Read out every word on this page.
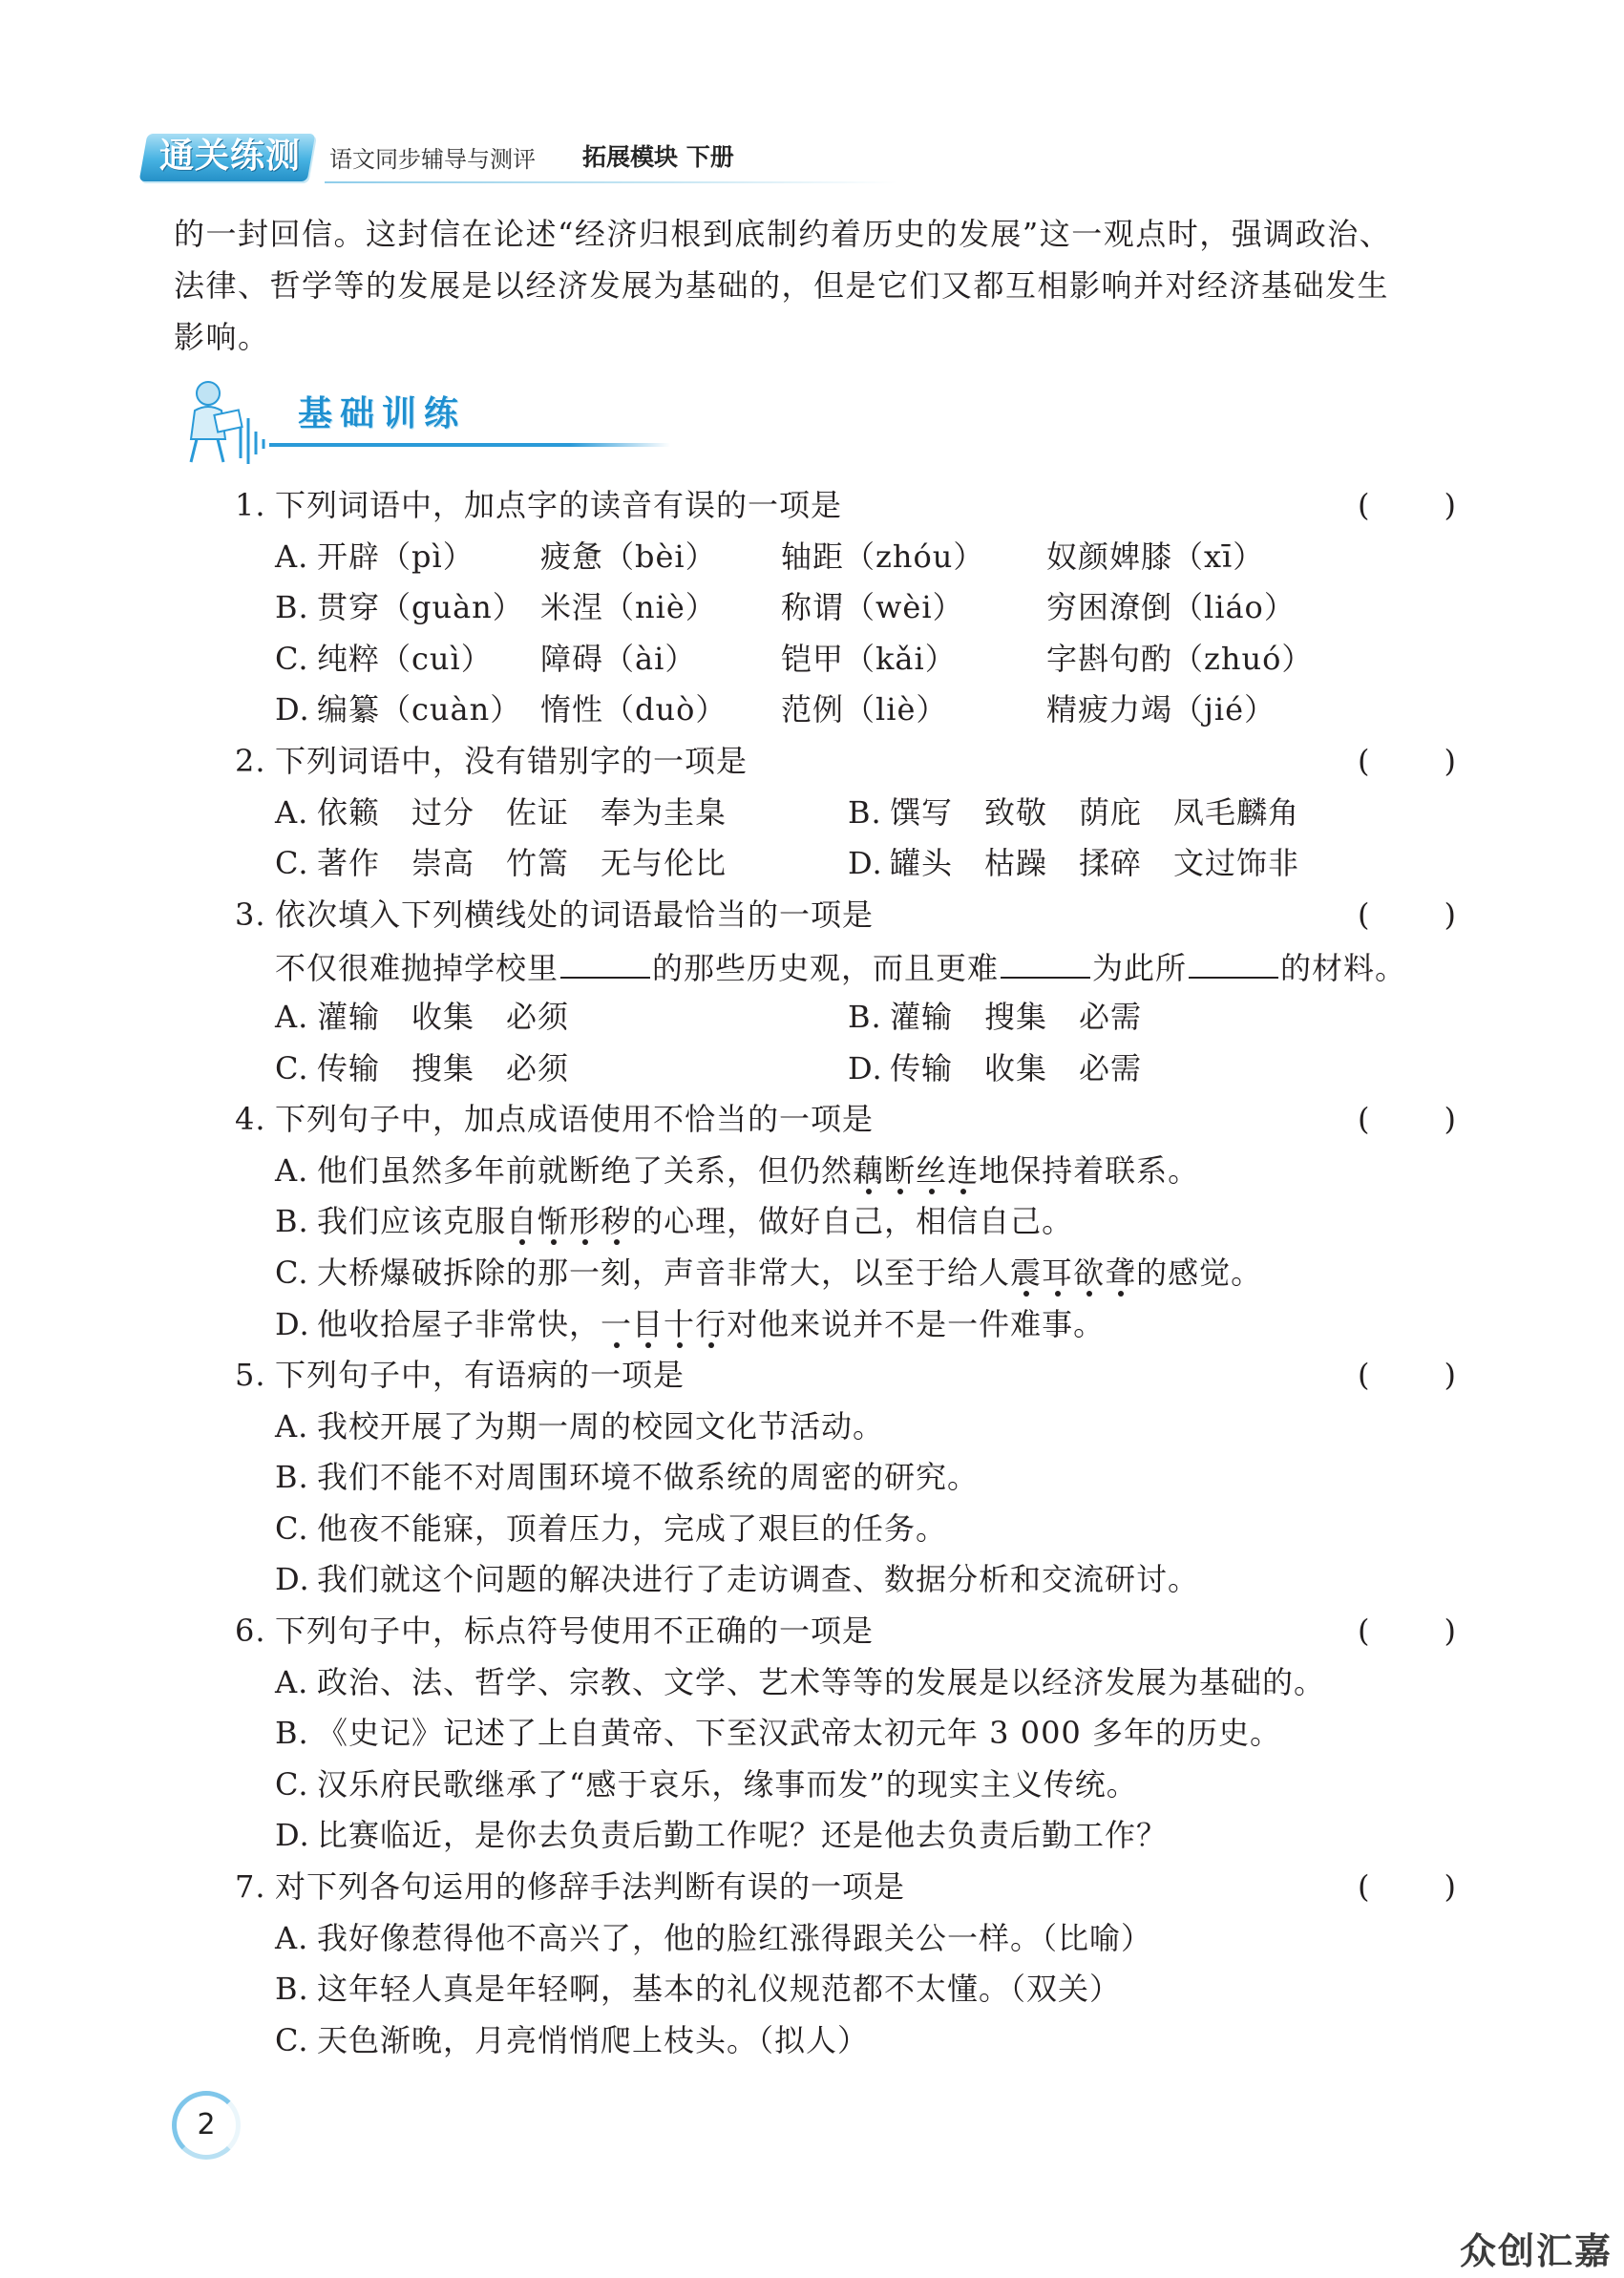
通关练测	语文同步辅导与测评 拓展模块 下册

的一封回信。这封信在论述“经济归根到底制约着历史的发展”这一观点时，强调政治、

法律、哲学等的发展是以经济发展为基础的，但是它们又都互相影响并对经济基础发生

影响。

基础训练
1. 下列词语中，加点字的读音有误的一项是	( )
A. 开辟（pì） 疲惫（bèi） 轴距（zhóu） 奴颜婢膝（xī）
B. 贯穿（guàn） 米涅（niè） 称谓（wèi）	穷困潦倒（liáo）
C. 纯粹（cuì） 障碍（ài）	铠甲（kǎi）	字斟句酌（zhuó）
D. 编纂（cuàn） 惰性（duò） 范例（liè）	精疲力竭（jié）
2. 下列词语中，没有错别字的一项是	( )
A. 依籁　过分　佐证　奉为圭臬	B. 馔写　致敬　荫庇　凤毛麟角
C. 著作　崇高　竹篙　无与伦比	D. 罐头　枯躁　揉碎　文过饰非
3. 依次填入下列横线处的词语最恰当的一项是	( )
不仅很难抛掉学校里	的那些历史观，而且更难	为此所	的材料。
A. 灌输　收集　必须	B. 灌输　搜集　必需
C. 传输　搜集　必须	D. 传输　收集　必需
4. 下列句子中，加点成语使用不恰当的一项是	( )
A. 他们虽然多年前就断绝了关系，但仍然藕断丝连地保持着联系。
B. 我们应该克服自惭形秽的心理，做好自己，相信自己。
C. 大桥爆破拆除的那一刻，声音非常大，以至于给人震耳欲聋的感觉。
D. 他收拾屋子非常快，一目十行对他来说并不是一件难事。
5. 下列句子中，有语病的一项是	( )
A. 我校开展了为期一周的校园文化节活动。
B. 我们不能不对周围环境不做系统的周密的研究。
C. 他夜不能寐，顶着压力，完成了艰巨的任务。
D. 我们就这个问题的解决进行了走访调查、数据分析和交流研讨。
6. 下列句子中，标点符号使用不正确的一项是	( )
A. 政治、法、哲学、宗教、文学、艺术等等的发展是以经济发展为基础的。
B. 《史记》记述了上自黄帝、下至汉武帝太初元年 3 000 多年的历史。
C. 汉乐府民歌继承了“感于哀乐，缘事而发”的现实主义传统。
D. 比赛临近，是你去负责后勤工作呢？还是他去负责后勤工作？
7. 对下列各句运用的修辞手法判断有误的一项是	( )
A. 我好像惹得他不高兴了，他的脸红涨得跟关公一样。（比喻）
B. 这年轻人真是年轻啊，基本的礼仪规范都不太懂。（双关）
C. 天色渐晚，月亮悄悄爬上枝头。（拟人）
2
众创汇嘉
